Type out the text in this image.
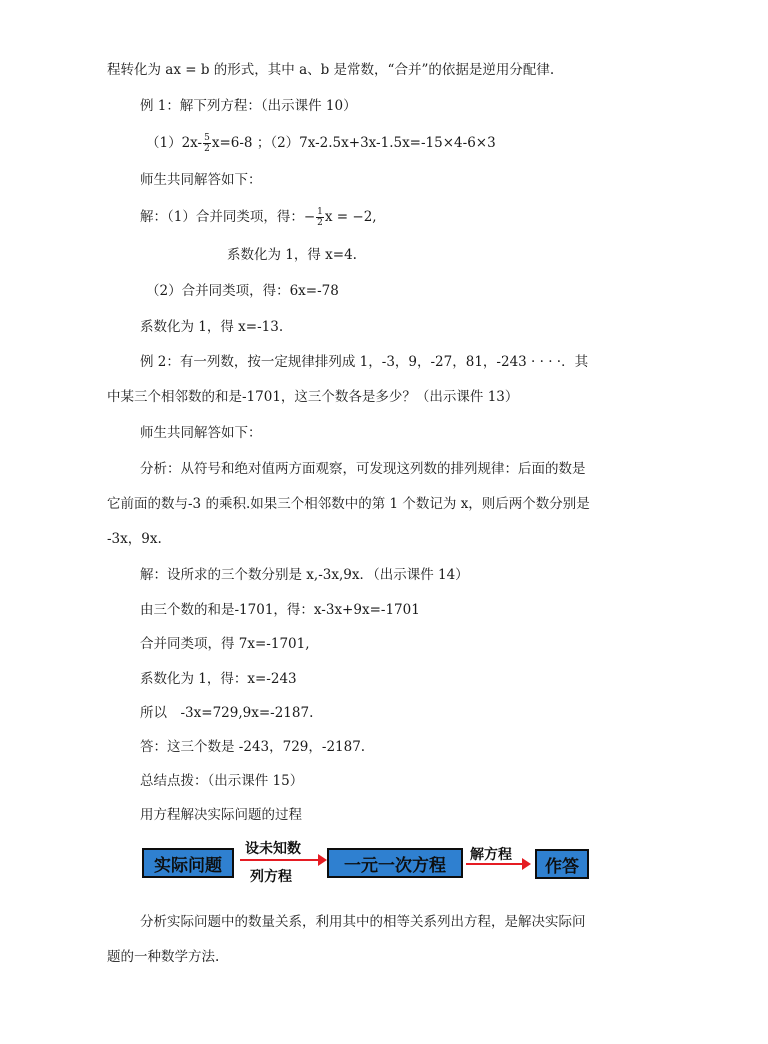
程转化为 ax = b 的形式，其中 a、b 是常数，“合并”的依据是逆用分配律.
例 1：解下列方程：（出示课件 10）
$(1)2x- \frac{5}{2} x=6-8$ ；（2）7x-2.5x+3x-1.5x=-15×4-6×3
师生共同解答如下：
解：（1）合并同类项，得：− $\frac{1}{2}$ x = −2,
系数化为 1，得 x=4.
（2）合并同类项，得：6x=-78
系数化为 1，得 x=-13.
例 2：有一列数，按一定规律排列成 1，-3，9，-27，81，-243 · · · ·．其
中某三个相邻数的和是-1701，这三个数各是多少？（出示课件 13）
师生共同解答如下：
分析：从符号和绝对值两方面观察，可发现这列数的排列规律：后面的数是
它前面的数与-3 的乘积.如果三个相邻数中的第 1 个数记为 x，则后两个数分别是
-3x，9x.
解：设所求的三个数分别是 x,-3x,9x．（出示课件 14）
由三个数的和是-1701，得：x-3x+9x=-1701
合并同类项，得 7x=-1701,
系数化为 1，得：x=-243
所以　-3x=729,9x=-2187.
答：这三个数是 -243，729，-2187.
总结点拨：（出示课件 15）
用方程解决实际问题的过程
实际问题
设未知数
列方程
一元一次方程
解方程
作答
分析实际问题中的数量关系，利用其中的相等关系列出方程，是解决实际问
题的一种数学方法.
